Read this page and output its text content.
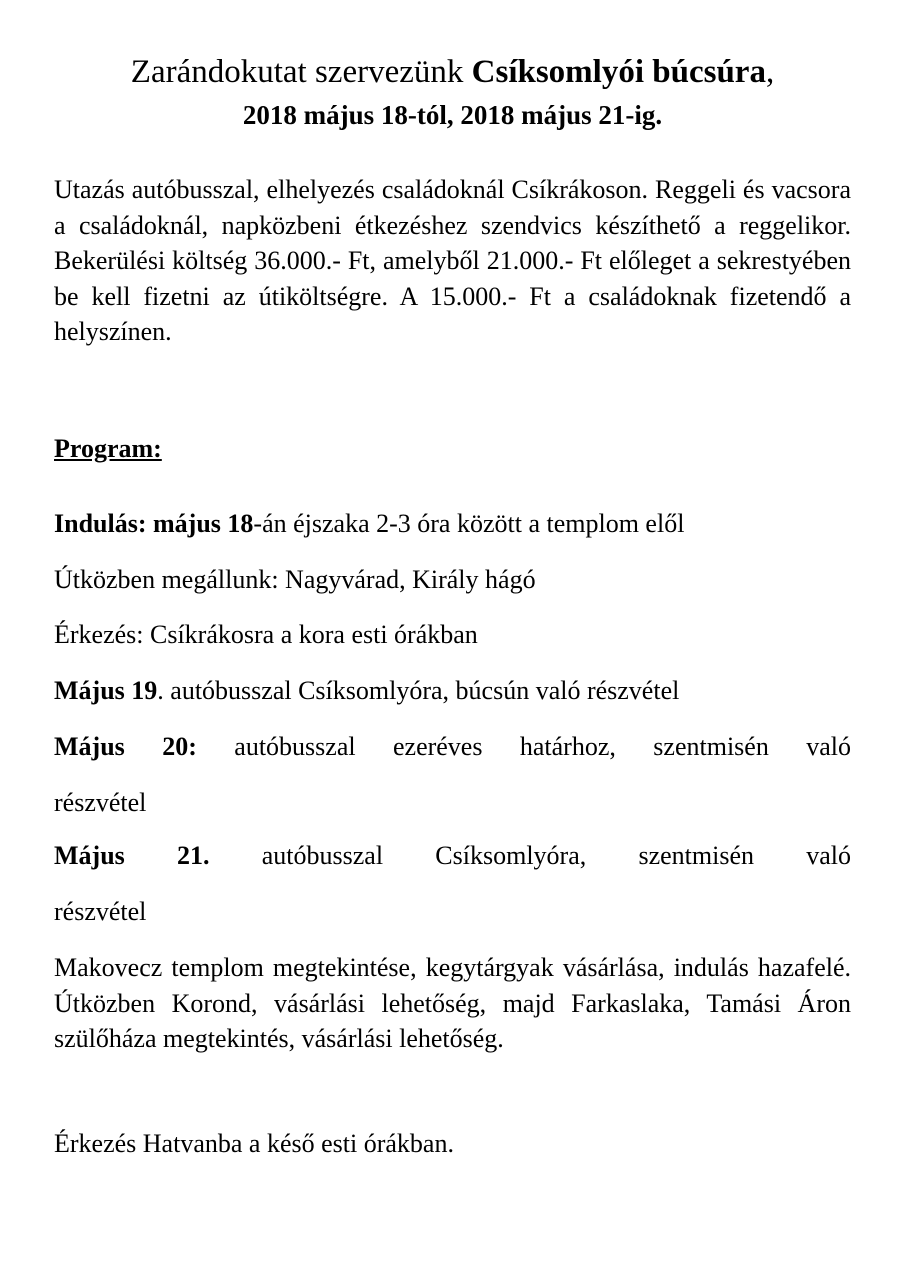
Zarándokutat szervezünk Csíksomlyói búcsúra,
2018 május 18-tól, 2018 május 21-ig.
Utazás autóbusszal, elhelyezés családoknál Csíkrákoson. Reggeli és vacsora a családoknál, napközbeni étkezéshez szendvics készíthető a reggelikor. Bekerülési költség 36.000.- Ft, amelyből 21.000.- Ft előleget a sekrestyében be kell fizetni az útiköltségre. A 15.000.- Ft a családoknak fizetendő a helyszínen.
Program:
Indulás: május 18-án éjszaka 2-3 óra között a templom elől
Útközben megállunk: Nagyvárad, Király hágó
Érkezés: Csíkrákosra a kora esti órákban
Május 19. autóbusszal Csíksomlyóra, búcsún való részvétel
Május 20: autóbusszal ezeréves határhoz, szentmisén való
részvétel
Május 21. autóbusszal Csíksomlyóra, szentmisén való
részvétel
Makovecz templom megtekintése, kegytárgyak vásárlása, indulás hazafelé. Útközben Korond, vásárlási lehetőség, majd Farkaslaka, Tamási Áron szülőháza megtekintés, vásárlási lehetőség.
Érkezés Hatvanba a késő esti órákban.
